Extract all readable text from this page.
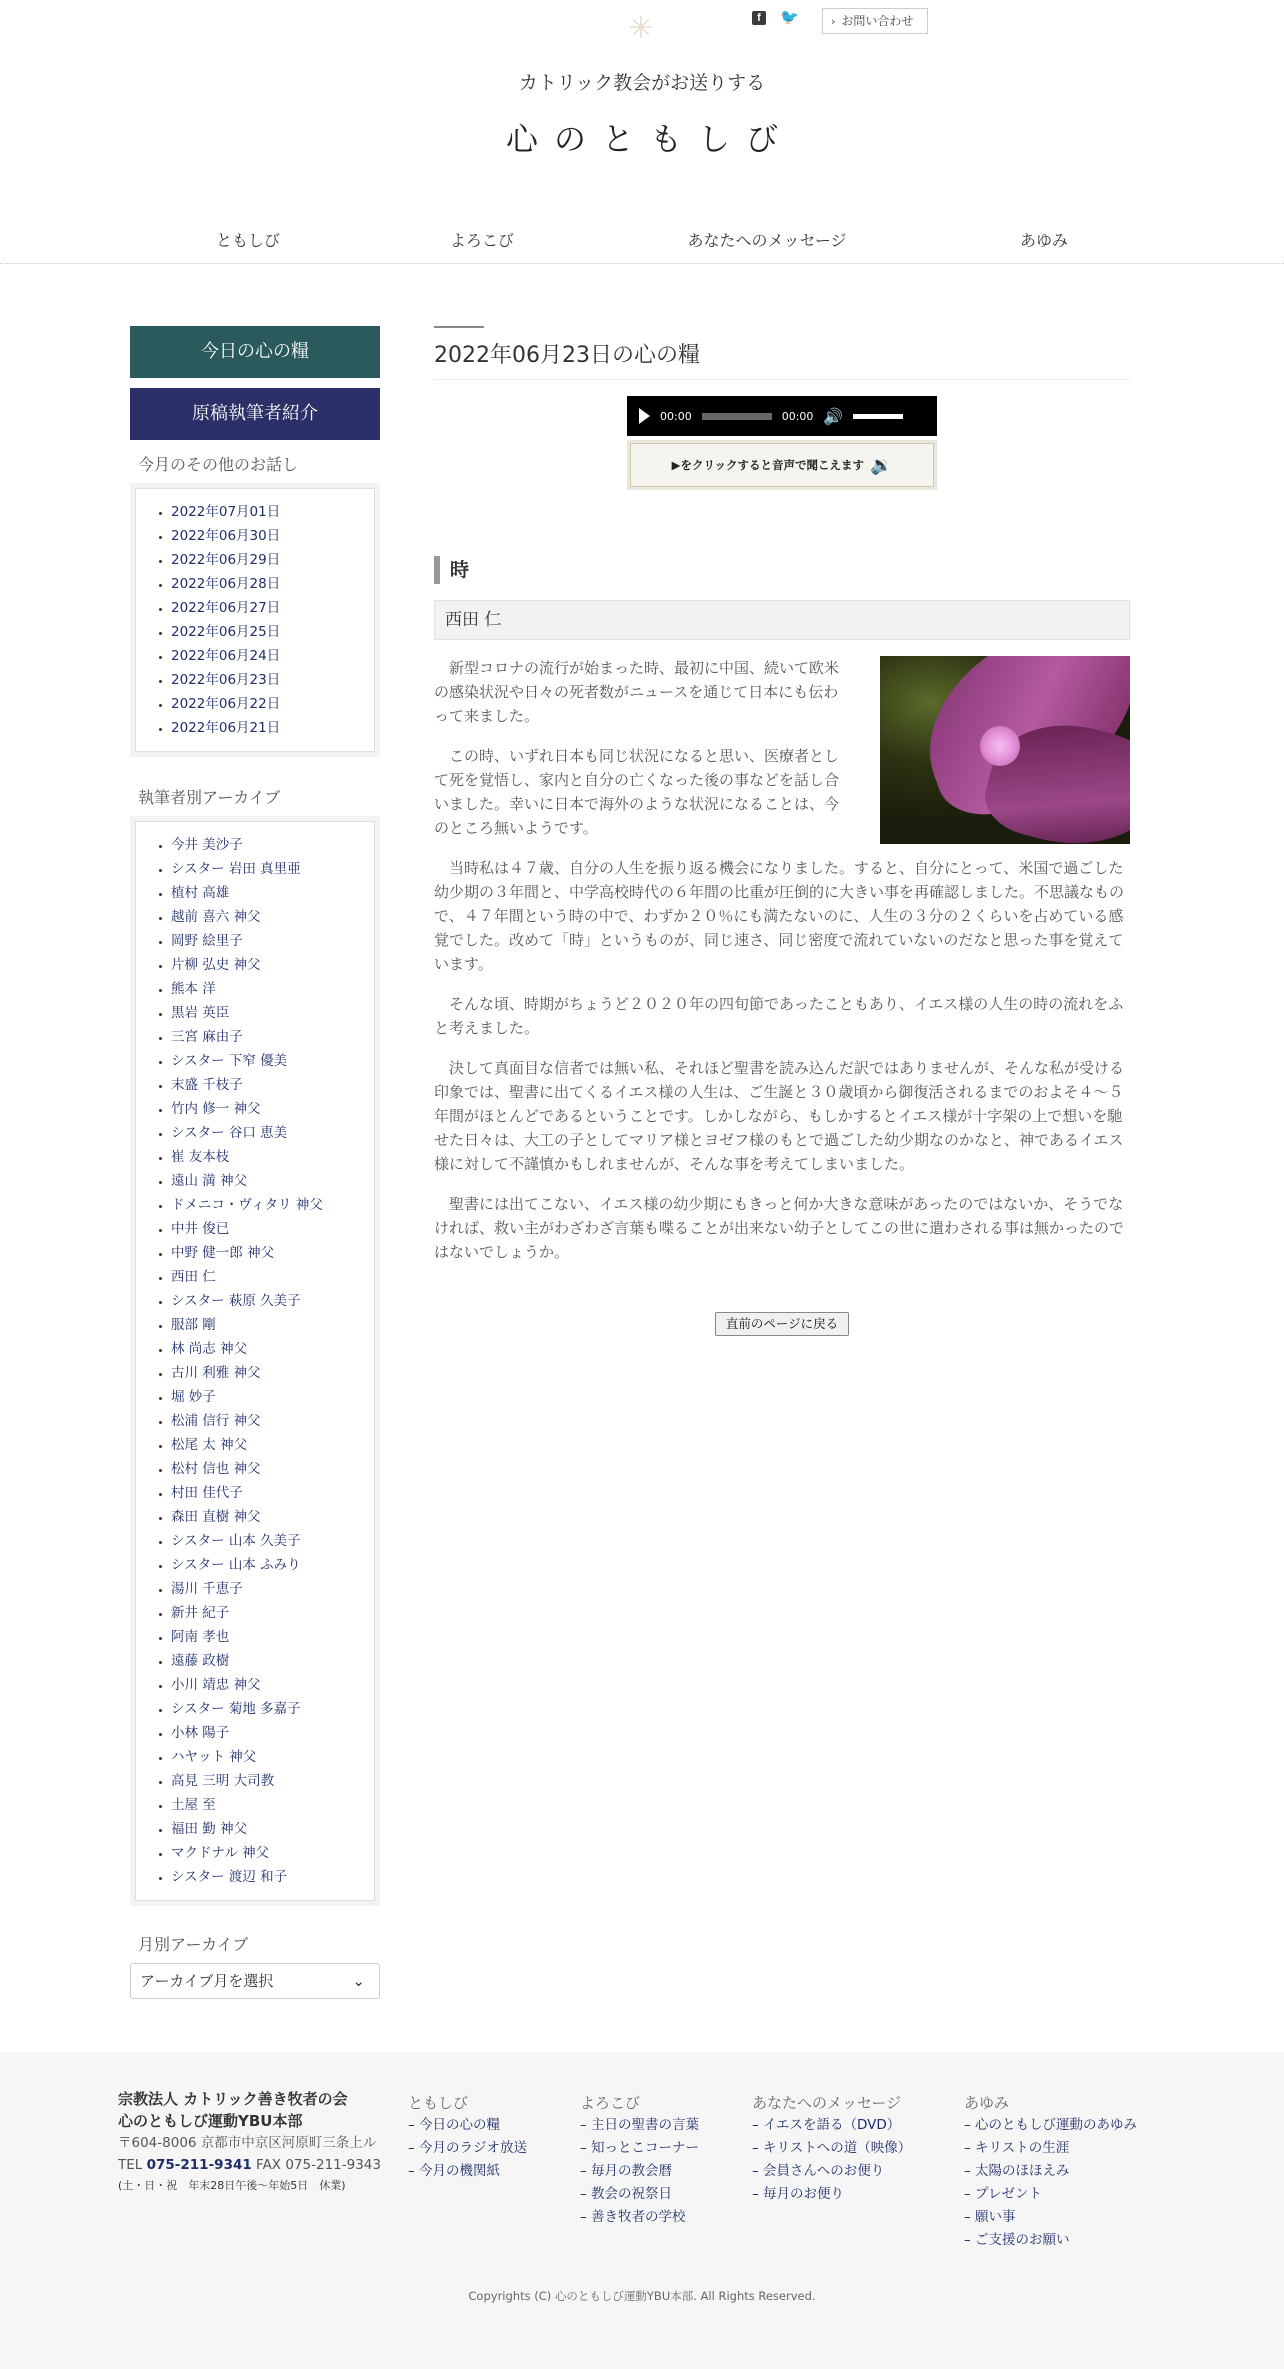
✳	f	🐦	› お問い合わせ
カトリック教会がお送りする
心のともしび
ともしび	よろこび	あなたへのメッセージ	あゆみ
今日の心の糧
原稿執筆者紹介
今月のその他のお話し
• 2022年07月01日
• 2022年06月30日
• 2022年06月29日
• 2022年06月28日
• 2022年06月27日
• 2022年06月25日
• 2022年06月24日
• 2022年06月23日
• 2022年06月22日
• 2022年06月21日
執筆者別アーカイブ
• 今井 美沙子
• シスター 岩田 真里亜
• 植村 高雄
• 越前 喜六 神父
• 岡野 絵里子
• 片柳 弘史 神父
• 熊本 洋
• 黒岩 英臣
• 三宮 麻由子
• シスター 下窄 優美
• 末盛 千枝子
• 竹内 修一 神父
• シスター 谷口 恵美
• 崔 友本枝
• 遠山 満 神父
• ドメニコ・ヴィタリ 神父
• 中井 俊已
• 中野 健一郎 神父
• 西田 仁
• シスター 萩原 久美子
• 服部 剛
• 林 尚志 神父
• 古川 利雅 神父
• 堀 妙子
• 松浦 信行 神父
• 松尾 太 神父
• 松村 信也 神父
• 村田 佳代子
• 森田 直樹 神父
• シスター 山本 久美子
• シスター 山本 ふみり
• 湯川 千恵子
• 新井 紀子
• 阿南 孝也
• 遠藤 政樹
• 小川 靖忠 神父
• シスター 菊地 多嘉子
• 小林 陽子
• ハヤット 神父
• 高見 三明 大司教
• 土屋 至
• 福田 勤 神父
• マクドナル 神父
• シスター 渡辺 和子
月別アーカイブ
アーカイブ月を選択	⌄
2022年06月23日の心の糧
00:00	00:00 🔊
▶をクリックすると音声で聞こえます 🔉
時
西田 仁

新型コロナの流行が始まった時、最初に中国、続いて欧米の感染状況や日々の死者数がニュースを通じて日本にも伝わって来ました。

この時、いずれ日本も同じ状況になると思い、医療者として死を覚悟し、家内と自分の亡くなった後の事などを話し合いました。幸いに日本で海外のような状況になることは、今のところ無いようです。

当時私は４７歳、自分の人生を振り返る機会になりました。すると、自分にとって、米国で過ごした幼少期の３年間と、中学高校時代の６年間の比重が圧倒的に大きい事を再確認しました。不思議なもので、４７年間という時の中で、わずか２０％にも満たないのに、人生の３分の２くらいを占めている感覚でした。改めて「時」というものが、同じ速さ、同じ密度で流れていないのだなと思った事を覚えています。

そんな頃、時期がちょうど２０２０年の四旬節であったこともあり、イエス様の人生の時の流れをふと考えました。

決して真面目な信者では無い私、それほど聖書を読み込んだ訳ではありませんが、そんな私が受ける印象では、聖書に出てくるイエス様の人生は、ご生誕と３０歳頃から御復活されるまでのおよそ４～５年間がほとんどであるということです。しかしながら、もしかするとイエス様が十字架の上で想いを馳せた日々は、大工の子としてマリア様とヨゼフ様のもとで過ごした幼少期なのかなと、神であるイエス様に対して不謹慎かもしれませんが、そんな事を考えてしまいました。

聖書には出てこない、イエス様の幼少期にもきっと何か大きな意味があったのではないか、そうでなければ、救い主がわざわざ言葉も喋ることが出来ない幼子としてこの世に遣わされる事は無かったのではないでしょうか。

直前のページに戻る
宗教法人 カトリック善き牧者の会
心のともしび運動YBU本部
〒604-8006 京都市中京区河原町三条上ル
TEL 075-211-9341 FAX 075-211-9343
(土・日・祝　年末28日午後〜年始5日　休業)
ともしび
– 今日の心の糧
– 今月のラジオ放送
– 今月の機関紙
よろこび
– 主日の聖書の言葉
– 知っとこコーナー
– 毎月の教会暦
– 教会の祝祭日
– 善き牧者の学校
あなたへのメッセージ
– イエスを語る（DVD）
– キリストへの道（映像）
– 会員さんへのお便り
– 毎月のお便り
あゆみ
– 心のともしび運動のあゆみ
– キリストの生涯
– 太陽のほほえみ
– プレゼント
– 願い事
– ご支援のお願い
Copyrights (C) 心のともしび運動YBU本部. All Rights Reserved.
